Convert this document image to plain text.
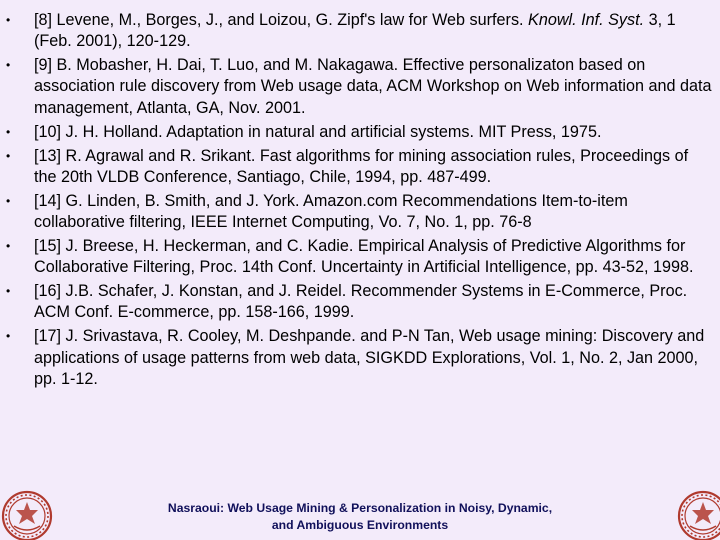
• [8] Levene, M., Borges, J., and Loizou, G. Zipf's law for Web surfers. Knowl. Inf. Syst. 3, 1 (Feb. 2001), 120-129.
• [9] B. Mobasher, H. Dai, T. Luo, and M. Nakagawa. Effective personalizaton based on association rule discovery from Web usage data, ACM Workshop on Web information and data management, Atlanta, GA, Nov. 2001.
• [10] J. H. Holland. Adaptation in natural and artificial systems. MIT Press, 1975.
• [13] R. Agrawal and R. Srikant. Fast algorithms for mining association rules, Proceedings of the 20th VLDB Conference, Santiago, Chile, 1994, pp. 487-499.
• [14] G. Linden, B. Smith, and J. York. Amazon.com Recommendations Item-to-item collaborative filtering, IEEE Internet Computing, Vo. 7, No. 1, pp. 76-8
• [15] J. Breese, H. Heckerman, and C. Kadie. Empirical Analysis of Predictive Algorithms for Collaborative Filtering, Proc. 14th Conf. Uncertainty in Artificial Intelligence, pp. 43-52, 1998.
• [16] J.B. Schafer, J. Konstan, and J. Reidel. Recommender Systems in E-Commerce, Proc. ACM Conf. E-commerce, pp. 158-166, 1999.
• [17] J. Srivastava, R. Cooley, M. Deshpande. and P-N Tan, Web usage mining: Discovery and applications of usage patterns from web data, SIGKDD Explorations, Vol. 1, No. 2, Jan 2000, pp. 1-12.
Nasraoui: Web Usage Mining & Personalization in Noisy, Dynamic,
and Ambiguous Environments
